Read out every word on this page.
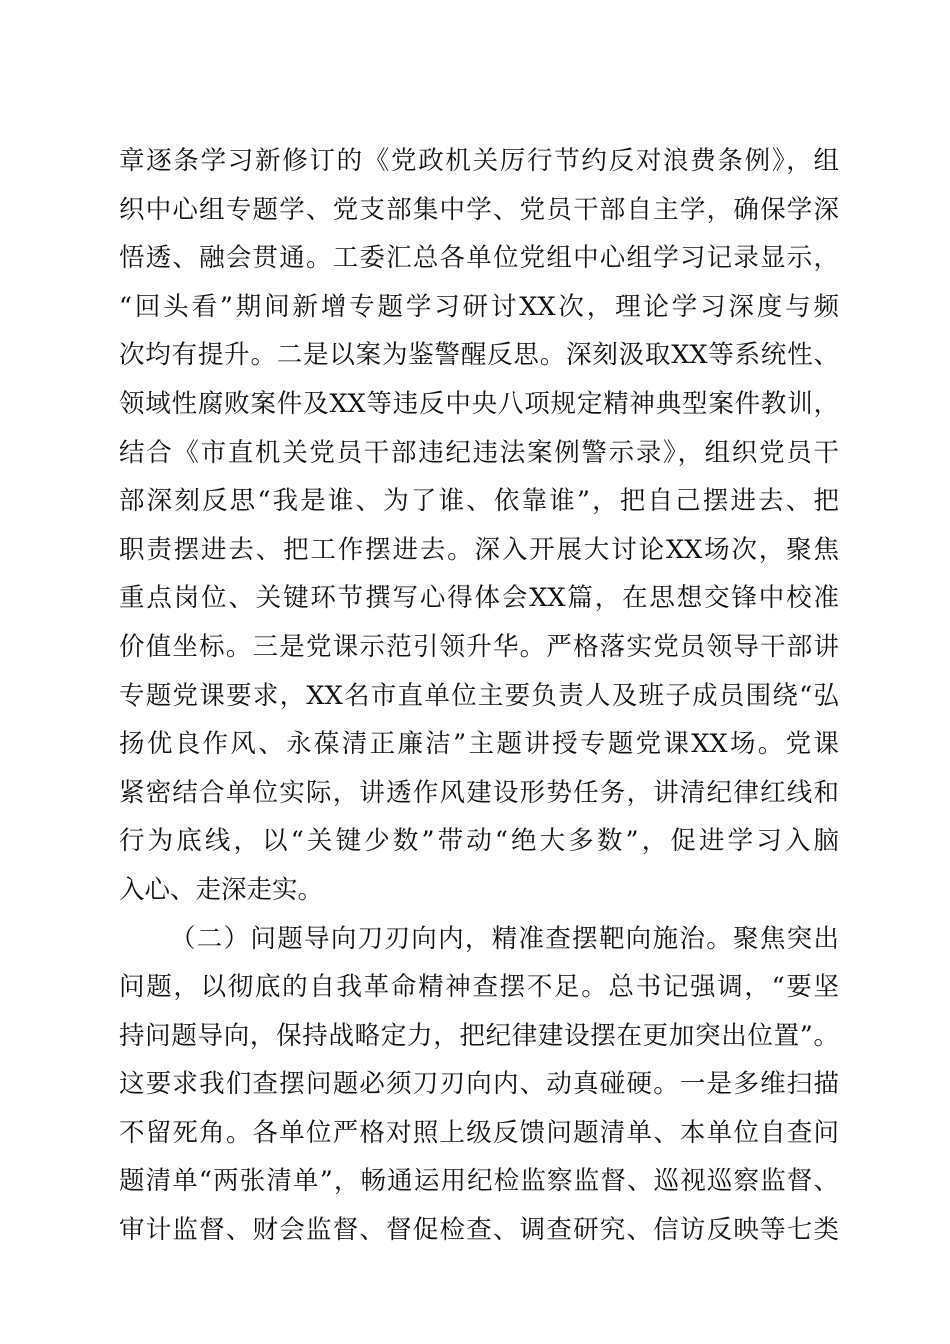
章逐条学习新修订的《党政机关厉行节约反对浪费条例》，组
织中心组专题学、党支部集中学、党员干部自主学，确保学深
悟透、融会贯通。工委汇总各单位党组中心组学习记录显示，
“回头看”期间新增专题学习研讨XX次，理论学习深度与频
次均有提升。二是以案为鉴警醒反思。深刻汲取XX等系统性、
领域性腐败案件及XX等违反中央八项规定精神典型案件教训，
结合《市直机关党员干部违纪违法案例警示录》，组织党员干
部深刻反思“我是谁、为了谁、依靠谁”，把自己摆进去、把
职责摆进去、把工作摆进去。深入开展大讨论XX场次，聚焦
重点岗位、关键环节撰写心得体会XX篇，在思想交锋中校准
价值坐标。三是党课示范引领升华。严格落实党员领导干部讲
专题党课要求，XX名市直单位主要负责人及班子成员围绕“弘
扬优良作风、永葆清正廉洁”主题讲授专题党课XX场。党课
紧密结合单位实际，讲透作风建设形势任务，讲清纪律红线和
行为底线，以“关键少数”带动“绝大多数”，促进学习入脑
入心、走深走实。
（二）问题导向刀刃向内，精准查摆靶向施治。聚焦突出
问题，以彻底的自我革命精神查摆不足。总书记强调，“要坚
持问题导向，保持战略定力，把纪律建设摆在更加突出位置”。
这要求我们查摆问题必须刀刃向内、动真碰硬。一是多维扫描
不留死角。各单位严格对照上级反馈问题清单、本单位自查问
题清单“两张清单”，畅通运用纪检监察监督、巡视巡察监督、
审计监督、财会监督、督促检查、调查研究、信访反映等七类
